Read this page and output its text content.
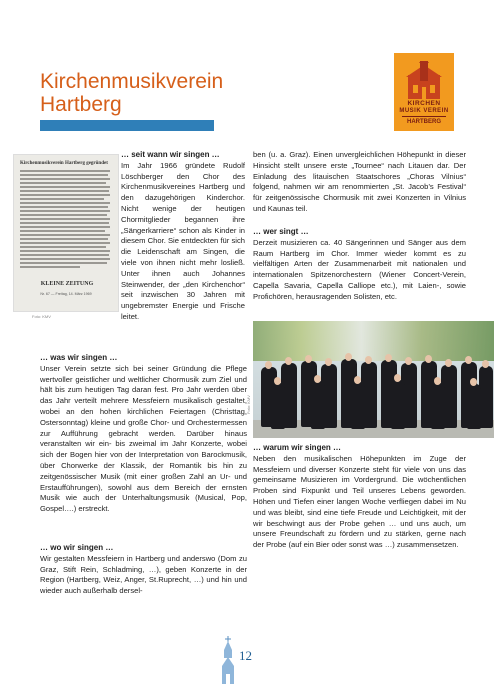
Kirchenmusikverein
Hartberg	KIRCHEN
MUSIK VEREIN
HARTBERG
Kirchenmusikverein Hartberg gegründet
KLEINE ZEITUNG
Nr. 67 — Freitag, 14. März 1969
Foto: KMV
… seit wann wir singen …

Im Jahr 1966 gründete Rudolf Löschberger den Chor des Kirchenmusikvereines Hartberg und den dazugehörigen Kinderchor. Nicht wenige der heutigen Chormitglieder begannen ihre „Sängerkarriere“ schon als Kinder in diesem Chor. Sie entdeckten für sich die Leidenschaft am Singen, die viele von ihnen nicht mehr losließ. Unter ihnen auch Johannes Steinwender, der „den Kirchenchor“ seit inzwischen 30 Jahren mit ungebremster Energie und Frische leitet.

ben (u. a. Graz). Einen unvergleichlichen Höhepunkt in dieser Hinsicht stellt unsere erste „Tournee“ nach Litauen dar. Der Einladung des litauischen Staatschores „Choras Vilnius“ folgend, nahmen wir am renommierten „St. Jacob’s Festival“ für zeitgenössische Chormusik mit zwei Konzerten in Vilnius und Kaunas teil.

… wer singt …

Derzeit musizieren ca. 40 Sängerinnen und Sänger aus dem Raum Hartberg im Chor. Immer wieder kommt es zu vielfältigen Arten der Zusammenarbeit mit nationalen und internationalen Spitzenorchestern (Wiener Concert-Verein, Capella Savaria, Capella Calliope etc.), mit Laien-, sowie Profichören, herausragenden Solisten, etc.

Foto: KMV
… was wir singen …

Unser Verein setzte sich bei seiner Gründung die Pflege wertvoller geistlicher und weltlicher Chormusik zum Ziel und hält bis zum heutigen Tag daran fest. Pro Jahr werden über das Jahr verteilt mehrere Messfeiern musikalisch gestaltet, wobei an den hohen kirchlichen Feiertagen (Christtag, Ostersonntag) kleine und große Chor- und Orchestermessen zur Aufführung gebracht werden. Darüber hinaus veranstalten wir ein- bis zweimal im Jahr Konzerte, wobei sich der Bogen hier von der Interpretation von Barockmusik, über Chorwerke der Klassik, der Romantik bis hin zu zeitgenössischer Musik (mit einer großen Zahl an Ur- und Erstaufführungen), sowohl aus dem Bereich der ernsten Musik wie auch der Unterhaltungsmusik (Musical, Pop, Gospel….) erstreckt.

… wo wir singen …

Wir gestalten Messfeiern in Hartberg und anderswo (Dom zu Graz, Stift Rein, Schladming, …), geben Konzerte in der Region (Hartberg, Weiz, Anger, St.Ruprecht, …) und hin und wieder auch außerhalb dersel-

… warum wir singen …

Neben den musikalischen Höhepunkten im Zuge der Messfeiern und diverser Konzerte steht für viele von uns das gemeinsame Musizieren im Vordergrund. Die wöchentlichen Proben sind Fixpunkt und Teil unseres Lebens geworden. Höhen und Tiefen einer langen Woche verfliegen dabei im Nu und was bleibt, sind eine tiefe Freude und Leichtigkeit, mit der wir beschwingt aus der Probe gehen … und uns auch, um unsere Freundschaft zu fördern und zu stärken, gerne nach der Probe (auf ein Bier oder sonst was …) zusammensetzen.

12
